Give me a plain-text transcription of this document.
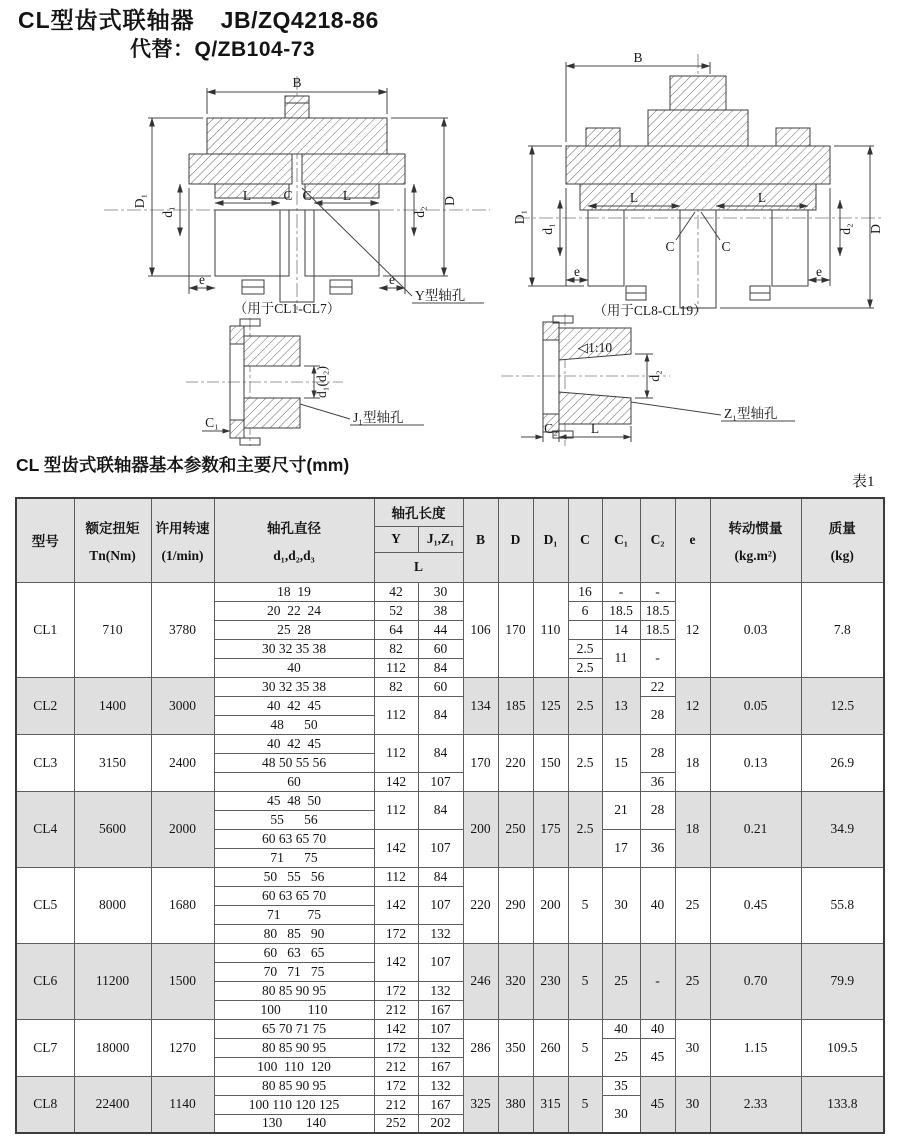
CL型齿式联轴器 JB/ZQ4218-86
代替：Q/ZB104-73
B
D₁
d₁
D
d₂
L C C L
e	e
Y型轴孔
（用于CL1-CL7）
B
D₁
d₁	D
d₂
L	L
C	C
e	e
（用于CL8-CL19）
d₁(d₂)
C₁	J₁型轴孔
◁1:10
d₂
C₂ L
Z₁型轴孔
CL 型齿式联轴器基本参数和主要尺寸(mm)
表1
型号	
额定扭矩
Tn(Nm)

许用转速
(1/min)

轴孔直径
d₁,d₂,d₃
	轴孔长度	B	D	D₁	C	C₁	C₂	e	
转动惯量
(kg.m²)

质量
(kg)

				Y	J₁,Z₁									
				L										
CL1	710	3780	18  19	42	30	106	170	110	16	-	-	12	0.03	7.8
			20  22  24	52	38				6	18.5	18.5			
			25  28	64	44					14	18.5			
			30 32 35 38	82	60				2.5	11	-			
			40	112	84				2.5					
CL2	1400	3000	30 32 35 38	82	60	134	185	125	2.5	13	22	12	0.05	12.5
			40  42  45	112	84						28			
			48      50											
CL3	3150	2400	40  42  45	112	84	170	220	150	2.5	15	28	18	0.13	26.9
			48 50 55 56											
			60	142	107						36			
CL4	5600	2000	45  48  50	112	84	200	250	175	2.5	21	28	18	0.21	34.9
			55      56											
			60 63 65 70	142	107					17	36			
			71      75											
CL5	8000	1680	50   55   56	112	84	220	290	200	5	30	40	25	0.45	55.8
			60 63 65 70	142	107									
			71        75											
			80   85   90	172	132									
CL6	11200	1500	60   63   65	142	107	246	320	230	5	25	-	25	0.70	79.9
			70   71   75											
			80 85 90 95	172	132									
			100        110	212	167									
CL7	18000	1270	65 70 71 75	142	107	286	350	260	5	40	40	30	1.15	109.5
			80 85 90 95	172	132					25	45			
			100  110  120	212	167									
CL8	22400	1140	80 85 90 95	172	132	325	380	315	5	35	45	30	2.33	133.8
			100 110 120 125	212	167					30				
			130       140	252	202									
